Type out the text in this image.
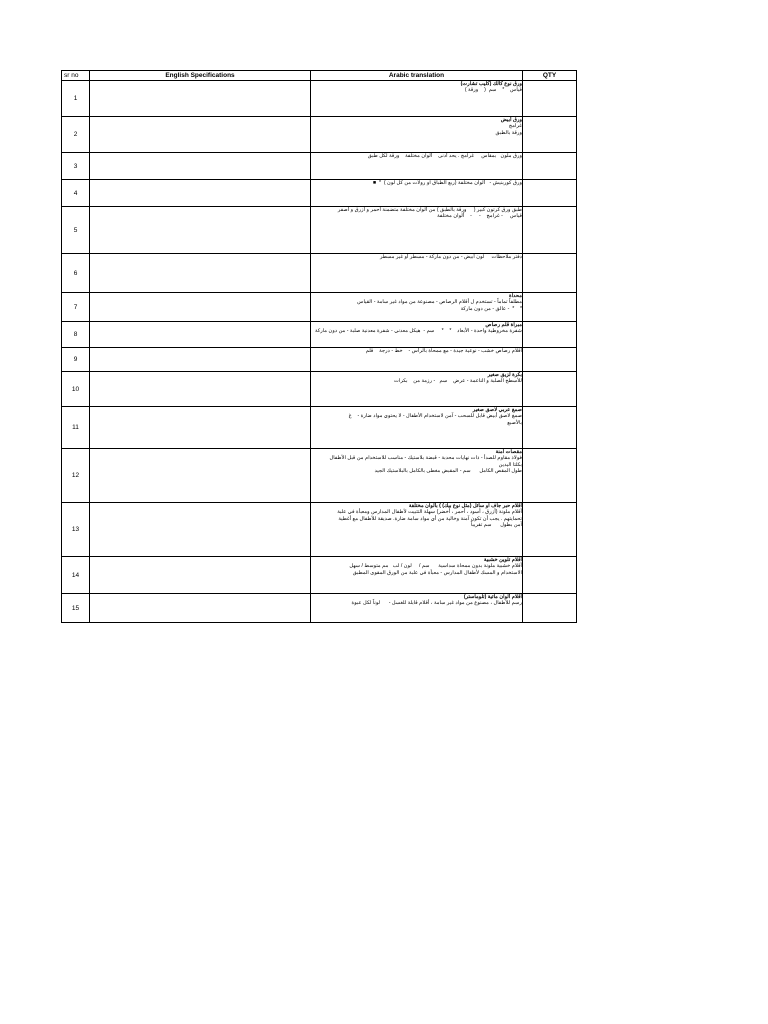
sr no	English Specifications	Arabic translation	QTY
1		ورق نوع كالك (كليب تشارت)
قياس    *    سم  (    ورقة )	

2		ورق أبيض
غرامج
ورقة بالطبق	

3		ورق ملون   بمقاس     غرامج . يحد أدنى    ألوان مختلفة    ورقة لكل طبق	

4		ورق كوربنيش -   ألوان مختلفة (ربع الطباق او رولات من كل لون )  *  ■	

5		طبق ورق كرتون كبير (     ورقة بالطبق ) من ألوان مختلفة متضمنة أحمر و أزرق و أصفر
قياس     - غرامج    -     -    ألوان مختلفة	

6		دفتر ملاحظات     لون أبيض - من دون ماركة - مسطر أو غير مسطر	

7		محداة
مطلفاً تماماً - تستخدم ل أقلام الرصاص - مصنوعة من مواد غير سامة - القياس
*    *  - عالق - من دون ماركة	

8		مبراة قلم رصاص
شفرة مخروطية واحدة - الأبعاد    *    *     سم -  هيكل معدني - شفرة معدنية صلبة - من دون ماركة	

9		أقلام رصاص خشب - نوعية جيدة - مع ممحاة بالرأس -    خط - درجة    قلم	

10		بكرة لزيق صغير
للأسطح الصلبة و الناعمة - عرض    سم   - رزمة من    بكرات	

11		صمغ عربي لاصق صغير
صمغ لاصق أبيض قابل للسحب - آمن لاستخدام الأطفال - لا يحتوي مواد ضارة -    غ
بالأصبع	

12		مقصات آمنة
فولاذ مقاوم للصدأ - ذات نهايات محدبة - قبضة بلاستيك - مناسب للاستخدام من قبل الأطفال
بكلتا اليدين
طول المقص الكامل      سم - المقبض مغطى بالكامل بالبلاستيك الجيد	

13		أقلام حبر جاف او سائل (مثل نوع بيك) ) بألوان مختلفة
أقلام ملونة (أزرق ، أسود ، أحمر ، أخضر) سهلة التثبيت لأطفال المدارس ومعبأة في علبة
تحمايتهم . يجب أن تكون آمنة وخالية من أي مواد سامة ضارة. صديقة للأطفال مع أغطية
آمن بطول      سم تقريباً	

14		أقلام تلوين خشبية
أقلام خشبية ملونة بدون ممحاة سداسية      سم /     لون / لب   مم متوسط / سهل
الاستخدام و المسك لأطفال المدارس - معبأة في علبة من الورق المقوى المطبق	

15		أقلام ألوان مائية (تلوماستر)
رسم للأطفال ، مصنوع من مواد غير سامة ، أقلام قابلة للغسل -      لوناً لكل عبوة	
